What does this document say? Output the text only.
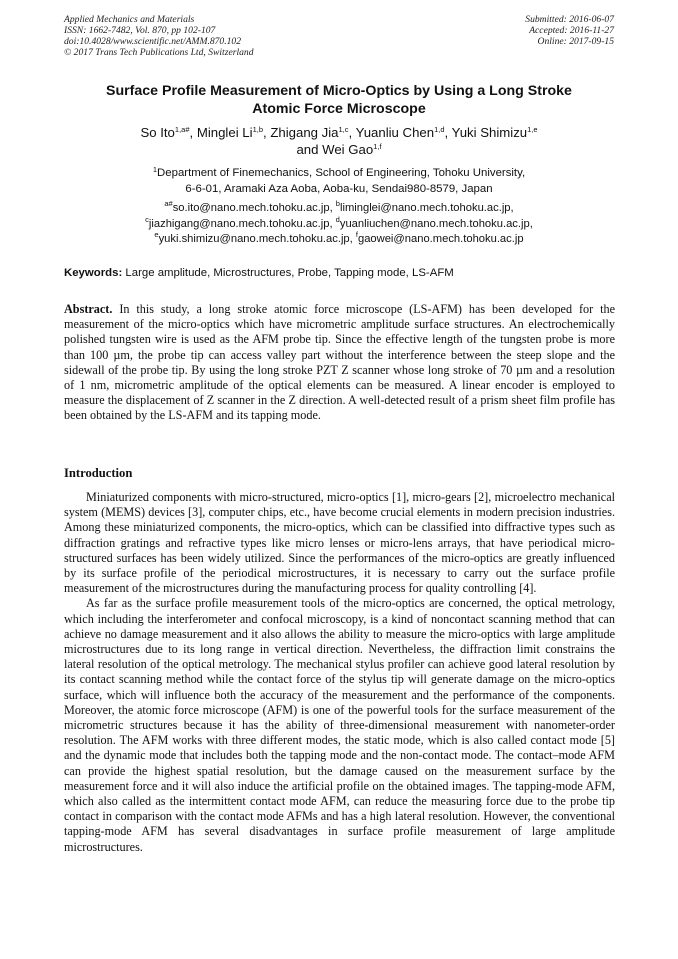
Applied Mechanics and Materials
ISSN: 1662-7482, Vol. 870, pp 102-107
doi:10.4028/www.scientific.net/AMM.870.102
© 2017 Trans Tech Publications Ltd, Switzerland
Submitted: 2016-06-07
Accepted: 2016-11-27
Online: 2017-09-15
Surface Profile Measurement of Micro-Optics by Using a Long Stroke
Atomic Force Microscope
So Ito$^{1,a\#}$, Minglei Li$^{1,b}$, Zhigang Jia$^{1,c}$, Yuanliu Chen$^{1,d}$, Yuki Shimizu$^{1,e}$
and Wei Gao$^{1,f}$
$^1$Department of Finemechanics, School of Engineering, Tohoku University,
6-6-01, Aramaki Aza Aoba, Aoba-ku, Sendai980-8579, Japan
$^{a\#}$so.ito@nano.mech.tohoku.ac.jp, $^b$liminglei@nano.mech.tohoku.ac.jp,
$^c$jiazhigang@nano.mech.tohoku.ac.jp, $^d$yuanliuchen@nano.mech.tohoku.ac.jp,
$^e$yuki.shimizu@nano.mech.tohoku.ac.jp, $^f$gaowei@nano.mech.tohoku.ac.jp
Keywords: Large amplitude, Microstructures, Probe, Tapping mode, LS-AFM
Abstract. In this study, a long stroke atomic force microscope (LS-AFM) has been developed for the measurement of the micro-optics which have micrometric amplitude surface structures. An electrochemically polished tungsten wire is used as the AFM probe tip. Since the effective length of the tungsten probe is more than 100 µm, the probe tip can access valley part without the interference between the steep slope and the sidewall of the probe tip. By using the long stroke PZT Z scanner whose long stroke of 70 µm and a resolution of 1 nm, micrometric amplitude of the optical elements can be measured. A linear encoder is employed to measure the displacement of Z scanner in the Z direction. A well-detected result of a prism sheet film profile has been obtained by the LS-AFM and its tapping mode.
Introduction

Miniaturized components with micro-structured, micro-optics [1], micro-gears [2], microelectro mechanical system (MEMS) devices [3], computer chips, etc., have become crucial elements in modern precision industries. Among these miniaturized components, the micro-optics, which can be classified into diffractive types such as diffraction gratings and refractive types like micro lenses or micro-lens arrays, that have periodical micro-structured surfaces has been widely utilized. Since the performances of the micro-optics are greatly influenced by its surface profile of the periodical microstructures, it is necessary to carry out the surface profile measurement of the microstructures during the manufacturing process for quality controlling [4].

As far as the surface profile measurement tools of the micro-optics are concerned, the optical metrology, which including the interferometer and confocal microscopy, is a kind of noncontact scanning method that can achieve no damage measurement and it also allows the ability to measure the micro-optics with large amplitude microstructures due to its long range in vertical direction. Nevertheless, the diffraction limit constrains the lateral resolution of the optical metrology. The mechanical stylus profiler can achieve good lateral resolution by its contact scanning method while the contact force of the stylus tip will generate damage on the micro-optics surface, which will influence both the accuracy of the measurement and the performance of the components. Moreover, the atomic force microscope (AFM) is one of the powerful tools for the surface measurement of the micrometric structures because it has the ability of three-dimensional measurement with nanometer-order resolution. The AFM works with three different modes, the static mode, which is also called contact mode [5] and the dynamic mode that includes both the tapping mode and the non-contact mode. The contact–mode AFM can provide the highest spatial resolution, but the damage caused on the measurement surface by the measurement force and it will also induce the artificial profile on the obtained images. The tapping-mode AFM, which also called as the intermittent contact mode AFM, can reduce the measuring force due to the probe tip contact in comparison with the contact mode AFMs and has a high lateral resolution. However, the conventional tapping-mode AFM has several disadvantages in surface profile measurement of large amplitude microstructures.
